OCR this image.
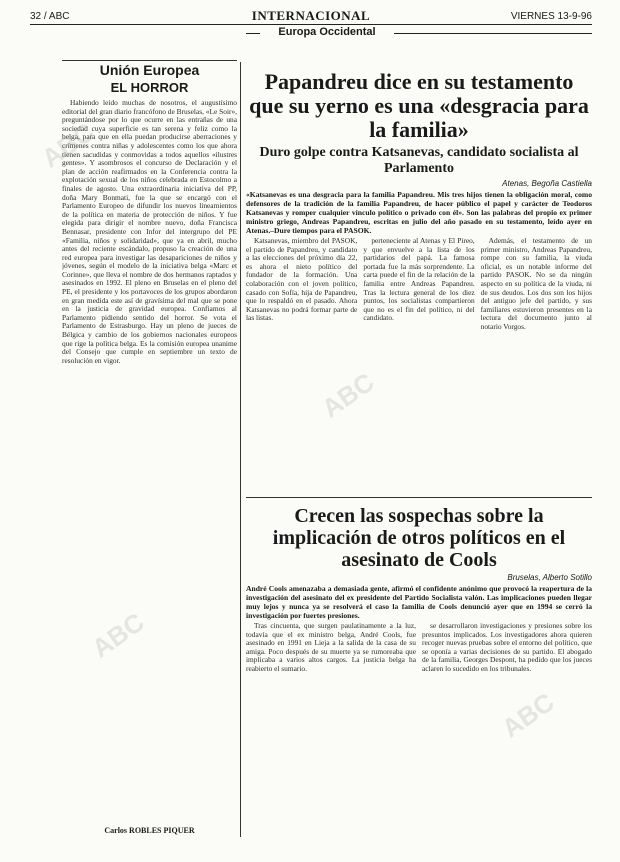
32 / ABC	INTERNACIONAL	VIERNES 13-9-96
Europa Occidental
Unión Europea
EL HORROR
Habiendo leído muchas de nosotros, el augustísimo editorial del gran diario francófono de Bruselas, «Le Soir», preguntándose por lo que ocurre en las entrañas de una sociedad cuya superficie es tan serena y feliz como la belga, para que en ella puedan producirse aberraciones y crímenes contra niñas y adolescentes como los que ahora tienen sacudidas y conmovidas a todos aquellos «ilustres gentes». Y asombrosos el concurso de Declaración y el plan de acción reafirmados en la Conferencia contra la explotación sexual de los niños celebrada en Estocolmo a finales de agosto. Una extraordinaria iniciativa del PP, doña Mary Bonmati, fue la que se encargó con el Parlamento Europeo de difundir los nuevos lineamientos de la política en materia de protección de niños. Y fue elegida para dirigir el nombre nuevo, doña Francisca Bennasar, presidente con Infor del intergrupo del PE «Familia, niños y solidaridad», que ya en abril, mucho antes del reciente escándalo, propuso la creación de una red europea para investigar las desapariciones de niños y jóvenes, según el modelo de la iniciativa belga «Marc et Corinne», que lleva el nombre de dos hermanos raptados y asesinados en 1992. El pleno en Bruselas en el pleno del PE, el presidente y los portavoces de los grupos abordaron en gran medida este así de gravísima del mal que se pone en la justicia de gravidad europea. Confiamos al Parlamento pidiendo sentido del horror. Se vota el Parlamento de Estrasburgo. Hay un pleno de jueces de Bélgica y cambio de los gobiernos nacionales europeos que rige la política belga. Es la comisión europea unanime del Consejo que cumple en septiembre un texto de resolución en vigor.
Carlos ROBLES PIQUER
Papandreu dice en su testamento que su yerno es una «desgracia para la familia»
Duro golpe contra Katsanevas, candidato socialista al Parlamento
Atenas, Begoña Castiella
«Katsanevas es una desgracia para la familia Papandreu. Mis tres hijos tienen la obligación moral, como defensores de la tradición de la familia Papandreu, de hacer público el papel y carácter de Teodoros Katsanevas y romper cualquier vínculo político o privado con él». Son las palabras del propio ex primer ministro griego, Andreas Papandreu, escritas en julio del año pasado en su testamento, leído ayer en Atenas.–Dure tiempos para el PASOK.
Katsanevas, miembro del PASOK, el partido de Papandreu, y candidato a las elecciones del próximo día 22, es ahora el nieto político del fundador de la formación. Una colaboración con el joven político, casado con Sofía, hija de Papandreu, que lo respaldó en el pasado. Ahora Katsanevas no podrá formar parte de las listas.
perteneciente al Atenas y El Pireo, y que envuelve a la lista de los partidarios del papá. La famosa portada fue la más sorprendente. La carta puede el fin de la relación de la familia entre Andreas Papandreu. Tras la lectura general de los diez puntos, los socialistas compartieron que no es el fin del político, ni del candidato.
Además, el testamento de un primer ministro, Andreas Papandreu, rompe con su familia, la viuda oficial, es un notable informe del partido PASOK. No se da ningún aspecto en su política de la viuda, ni de sus deudos. Los dos son los hijos del antiguo jefe del partido, y sus familiares estuvieron presentes en la lectura del documento junto al notario Vorgos.
Crecen las sospechas sobre la implicación de otros políticos en el asesinato de Cools
Bruselas, Alberto Sotillo
André Cools amenazaba a demasiada gente, afirmó el confidente anónimo que provocó la reapertura de la investigación del asesinato del ex presidente del Partido Socialista valón. Las implicaciones pueden llegar muy lejos y nunca ya se resolverá el caso la familia de Cools denunció ayer que en 1994 se cerró la investigación por fuertes presiones.
Tras cincuenta, que surgen paulatinamente a la luz, todavía que el ex ministro belga, André Cools, fue asesinado en 1991 en Lieja a la salida de la casa de su amiga. Poco después de su muerte ya se rumoreaba que implicaba a varios altos cargos. La justicia belga ha reabierto el sumario.
se desarrollaron investigaciones y presiones sobre los presuntos implicados. Los investigadores ahora quieren recoger nuevas pruebas sobre el entorno del político, que se oponía a varias decisiones de su partido. El abogado de la familia, Georges Despont, ha pedido que los jueces aclaren lo sucedido en los tribunales.
ABC
ABC
ABC
ABC
